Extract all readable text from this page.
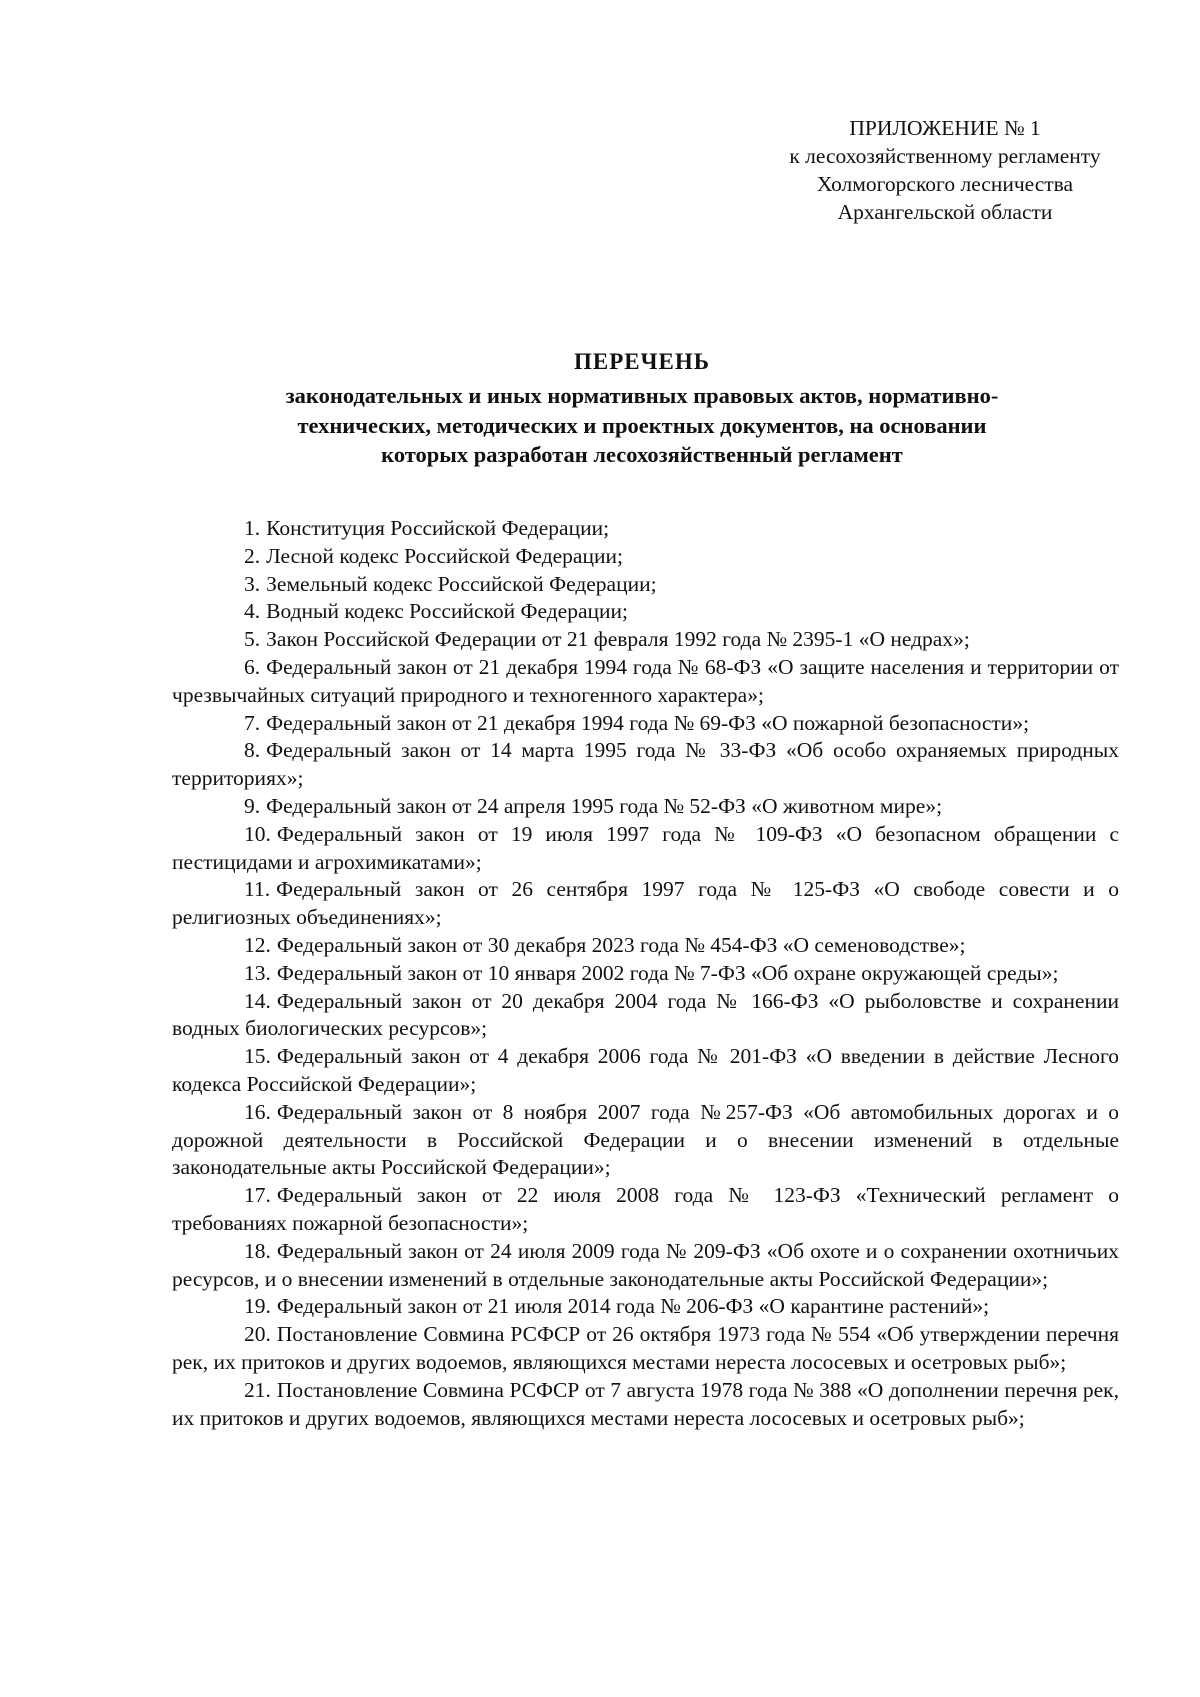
ПРИЛОЖЕНИЕ № 1
к лесохозяйственному регламенту
Холмогорского лесничества
Архангельской области
ПЕРЕЧЕНЬ
законодательных и иных нормативных правовых актов, нормативно-
технических, методических и проектных документов, на основании
которых разработан лесохозяйственный регламент

1. Конституция Российской Федерации;

2. Лесной кодекс Российской Федерации;

3. Земельный кодекс Российской Федерации;

4. Водный кодекс Российской Федерации;

5. Закон Российской Федерации от 21 февраля 1992 года № 2395-1 «О недрах»;

6. Федеральный закон от 21 декабря 1994 года № 68-ФЗ «О защите населения и территории от чрезвычайных ситуаций природного и техногенного характера»;

7. Федеральный закон от 21 декабря 1994 года № 69-ФЗ «О пожарной безопасности»;

8. Федеральный закон от 14 марта 1995 года № 33-ФЗ «Об особо охраняемых природных территориях»;

9. Федеральный закон от 24 апреля 1995 года № 52-ФЗ «О животном мире»;

10. Федеральный закон от 19 июля 1997 года № 109-ФЗ «О безопасном обращении с пестицидами и агрохимикатами»;

11. Федеральный закон от 26 сентября 1997 года № 125-ФЗ «О свободе совести и о религиозных объединениях»;

12. Федеральный закон от 30 декабря 2023 года № 454-ФЗ «О семеноводстве»;

13. Федеральный закон от 10 января 2002 года № 7-ФЗ «Об охране окружающей среды»;

14. Федеральный закон от 20 декабря 2004 года № 166-ФЗ «О рыболовстве и сохранении водных биологических ресурсов»;

15. Федеральный закон от 4 декабря 2006 года № 201-ФЗ «О введении в действие Лесного кодекса Российской Федерации»;

16. Федеральный закон от 8 ноября 2007 года №257-ФЗ «Об автомобильных дорогах и о дорожной деятельности в Российской Федерации и о внесении изменений в отдельные законодательные акты Российской Федерации»;

17. Федеральный закон от 22 июля 2008 года № 123-ФЗ «Технический регламент о требованиях пожарной безопасности»;

18. Федеральный закон от 24 июля 2009 года № 209-ФЗ «Об охоте и о сохранении охотничьих ресурсов, и о внесении изменений в отдельные законодательные акты Российской Федерации»;

19. Федеральный закон от 21 июля 2014 года № 206-ФЗ «О карантине растений»;

20. Постановление Совмина РСФСР от 26 октября 1973 года № 554 «Об утверждении перечня рек, их притоков и других водоемов, являющихся местами нереста лососевых и осетровых рыб»;

21. Постановление Совмина РСФСР от 7 августа 1978 года № 388 «О дополнении перечня рек, их притоков и других водоемов, являющихся местами нереста лососевых и осетровых рыб»;
